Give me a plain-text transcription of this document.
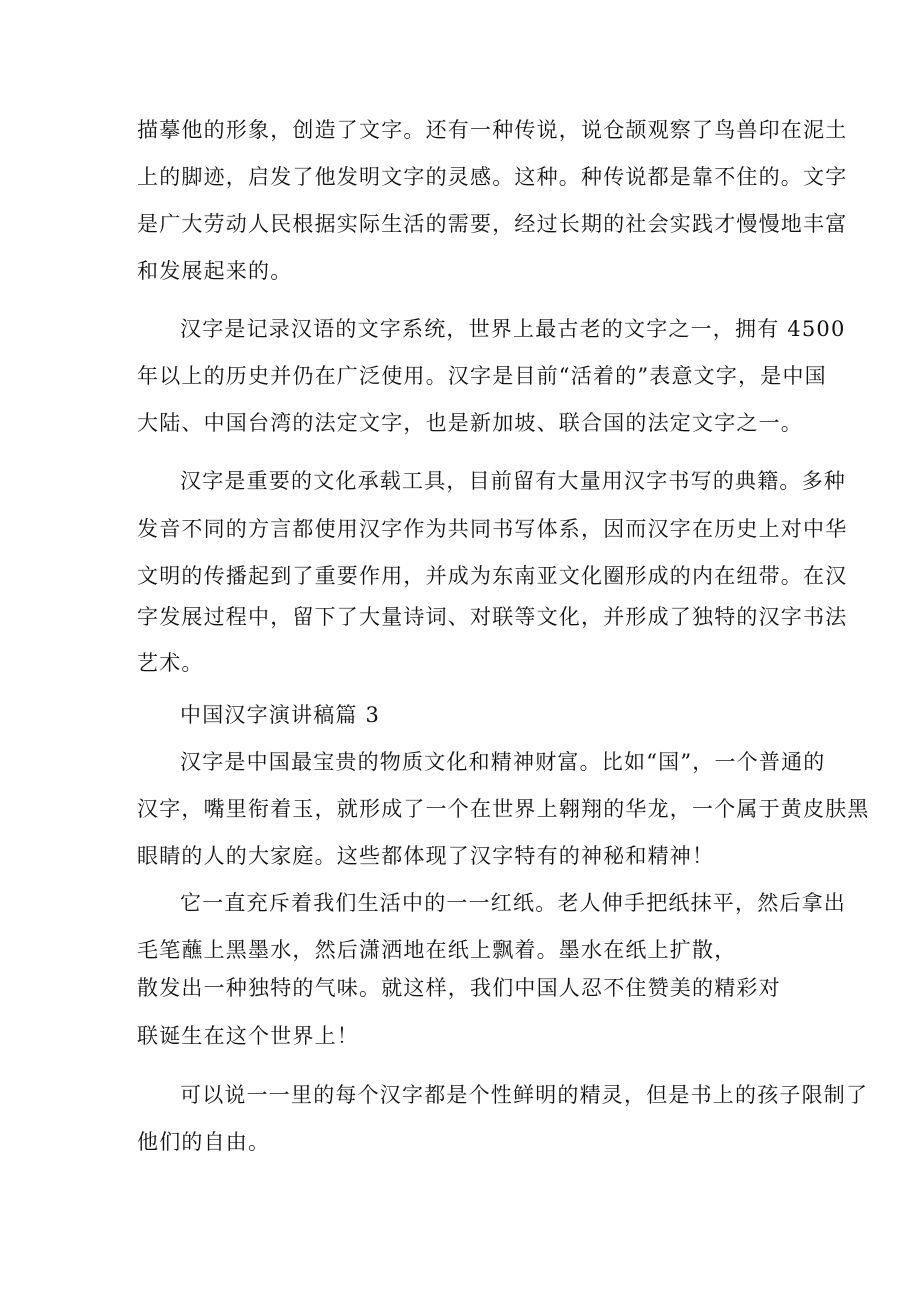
描摹他的形象，创造了文字。还有一种传说，说仓颉观察了鸟兽印在泥土
上的脚迹，启发了他发明文字的灵感。这种。种传说都是靠不住的。文字
是广大劳动人民根据实际生活的需要，经过长期的社会实践才慢慢地丰富
和发展起来的。
汉字是记录汉语的文字系统，世界上最古老的文字之一，拥有 4500
年以上的历史并仍在广泛使用。汉字是目前“活着的”表意文字，是中国
大陆、中国台湾的法定文字，也是新加坡、联合国的法定文字之一。
汉字是重要的文化承载工具，目前留有大量用汉字书写的典籍。多种
发音不同的方言都使用汉字作为共同书写体系，因而汉字在历史上对中华
文明的传播起到了重要作用，并成为东南亚文化圈形成的内在纽带。在汉
字发展过程中，留下了大量诗词、对联等文化，并形成了独特的汉字书法
艺术。
中国汉字演讲稿篇 3
汉字是中国最宝贵的物质文化和精神财富。比如“国”，一个普通的
汉字，嘴里衔着玉，就形成了一个在世界上翱翔的华龙，一个属于黄皮肤黑
眼睛的人的大家庭。这些都体现了汉字特有的神秘和精神！
它一直充斥着我们生活中的一一红纸。老人伸手把纸抹平，然后拿出
毛笔蘸上黑墨水，然后潇洒地在纸上飘着。墨水在纸上扩散，
散发出一种独特的气味。就这样，我们中国人忍不住赞美的精彩对
联诞生在这个世界上！
可以说一一里的每个汉字都是个性鲜明的精灵，但是书上的孩子限制了
他们的自由。
